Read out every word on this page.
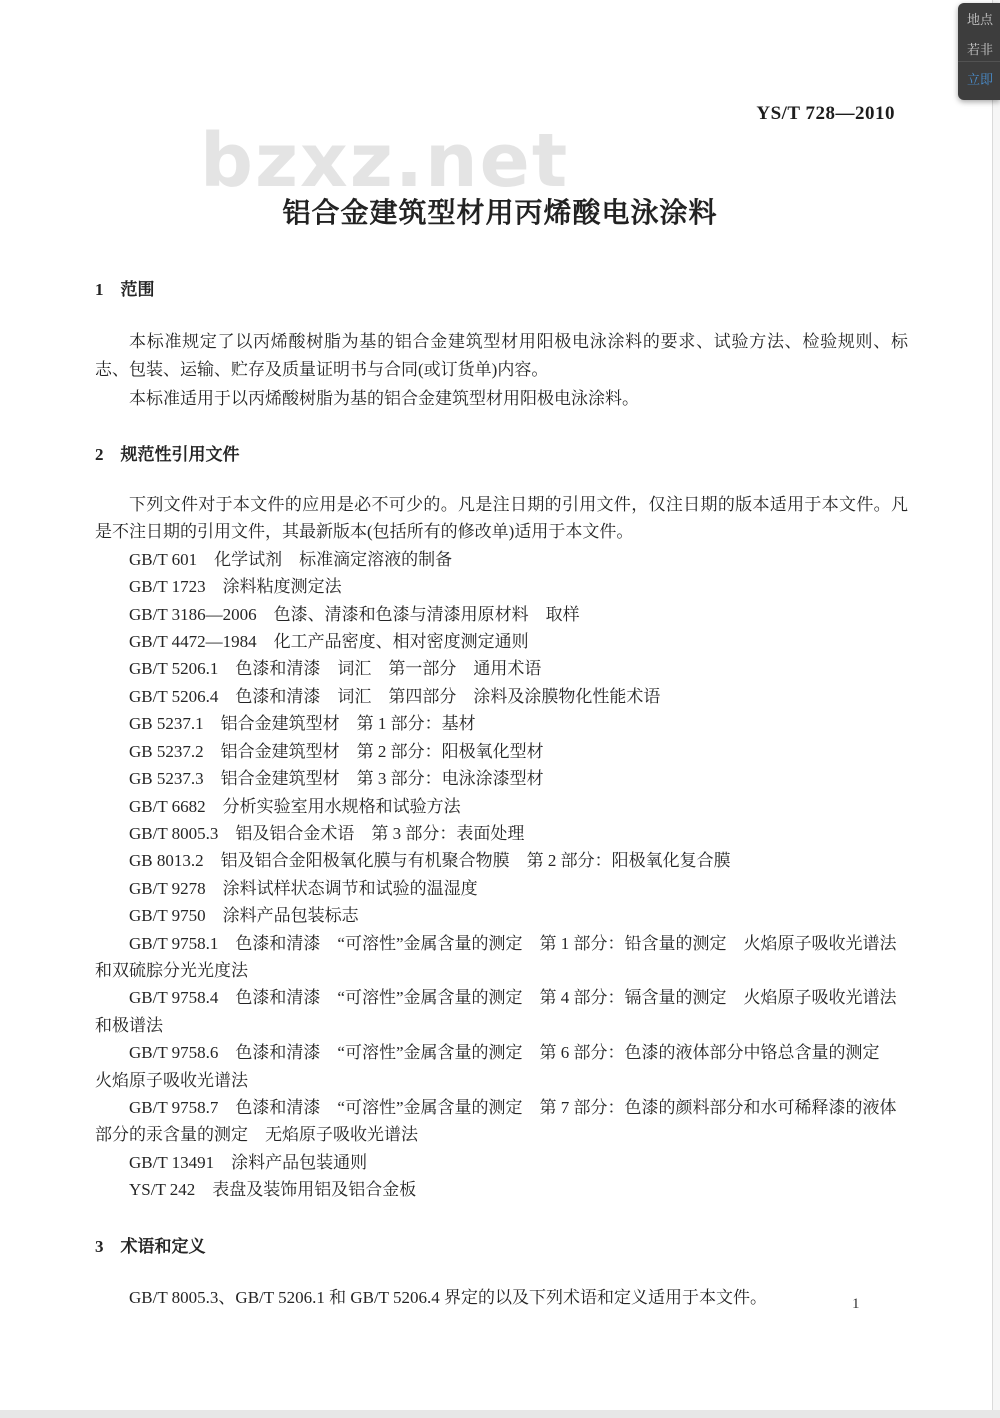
bzxz.net
YS/T 728—2010
铝合金建筑型材用丙烯酸电泳涂料

1　范围

本标准规定了以丙烯酸树脂为基的铝合金建筑型材用阳极电泳涂料的要求、试验方法、检验规则、标志、包装、运输、贮存及质量证明书与合同(或订货单)内容。

本标准适用于以丙烯酸树脂为基的铝合金建筑型材用阳极电泳涂料。

2　规范性引用文件

下列文件对于本文件的应用是必不可少的。凡是注日期的引用文件，仅注日期的版本适用于本文件。凡是不注日期的引用文件，其最新版本(包括所有的修改单)适用于本文件。

GB/T 601　化学试剂　标准滴定溶液的制备

GB/T 1723　涂料粘度测定法

GB/T 3186—2006　色漆、清漆和色漆与清漆用原材料　取样

GB/T 4472—1984　化工产品密度、相对密度测定通则

GB/T 5206.1　色漆和清漆　词汇　第一部分　通用术语

GB/T 5206.4　色漆和清漆　词汇　第四部分　涂料及涂膜物化性能术语

GB 5237.1　铝合金建筑型材　第 1 部分：基材

GB 5237.2　铝合金建筑型材　第 2 部分：阳极氧化型材

GB 5237.3　铝合金建筑型材　第 3 部分：电泳涂漆型材

GB/T 6682　分析实验室用水规格和试验方法

GB/T 8005.3　铝及铝合金术语　第 3 部分：表面处理

GB 8013.2　铝及铝合金阳极氧化膜与有机聚合物膜　第 2 部分：阳极氧化复合膜

GB/T 9278　涂料试样状态调节和试验的温湿度

GB/T 9750　涂料产品包装标志

GB/T 9758.1　色漆和清漆　“可溶性”金属含量的测定　第 1 部分：铅含量的测定　火焰原子吸收光谱法和双硫腙分光光度法

GB/T 9758.4　色漆和清漆　“可溶性”金属含量的测定　第 4 部分：镉含量的测定　火焰原子吸收光谱法和极谱法

GB/T 9758.6　色漆和清漆　“可溶性”金属含量的测定　第 6 部分：色漆的液体部分中铬总含量的测定　火焰原子吸收光谱法

GB/T 9758.7　色漆和清漆　“可溶性”金属含量的测定　第 7 部分：色漆的颜料部分和水可稀释漆的液体部分的汞含量的测定　无焰原子吸收光谱法

GB/T 13491　涂料产品包装通则

YS/T 242　表盘及装饰用铝及铝合金板

3　术语和定义

GB/T 8005.3、GB/T 5206.1 和 GB/T 5206.4 界定的以及下列术语和定义适用于本文件。	1
地点
若非
立即
